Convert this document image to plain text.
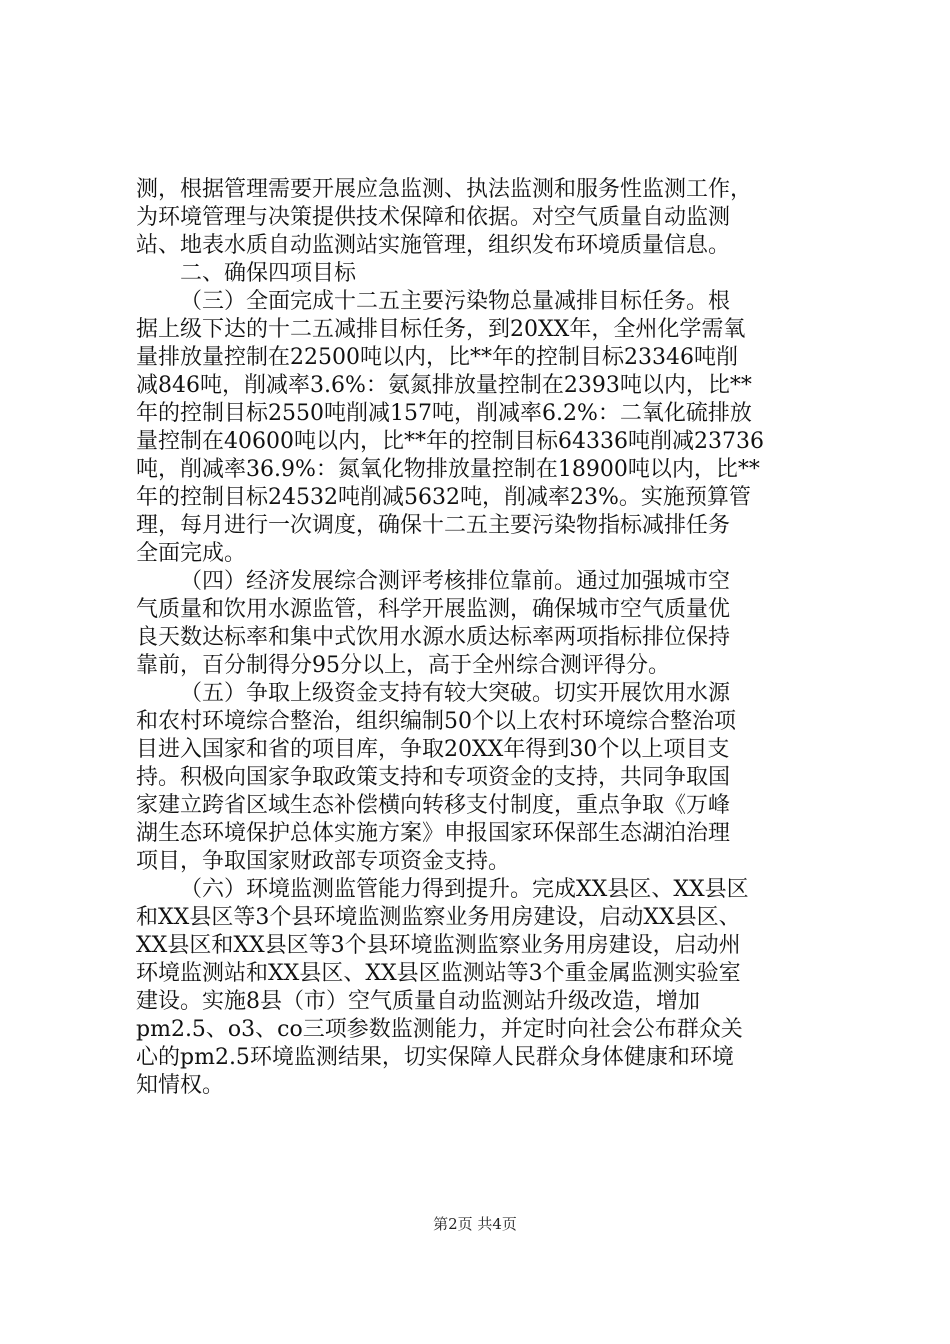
测，根据管理需要开展应急监测、执法监测和服务性监测工作，
为环境管理与决策提供技术保障和依据。对空气质量自动监测
站、地表水质自动监测站实施管理，组织发布环境质量信息。
二、确保四项目标
（三）全面完成十二五主要污染物总量减排目标任务。根
据上级下达的十二五减排目标任务，到20XX年，全州化学需氧
量排放量控制在22500吨以内，比**年的控制目标23346吨削
减846吨，削减率3.6%：氨氮排放量控制在2393吨以内，比**
年的控制目标2550吨削减157吨，削减率6.2%：二氧化硫排放
量控制在40600吨以内，比**年的控制目标64336吨削减23736
吨，削减率36.9%：氮氧化物排放量控制在18900吨以内，比**
年的控制目标24532吨削减5632吨，削减率23%。实施预算管
理，每月进行一次调度，确保十二五主要污染物指标减排任务
全面完成。
（四）经济发展综合测评考核排位靠前。通过加强城市空
气质量和饮用水源监管，科学开展监测，确保城市空气质量优
良天数达标率和集中式饮用水源水质达标率两项指标排位保持
靠前，百分制得分95分以上，高于全州综合测评得分。
（五）争取上级资金支持有较大突破。切实开展饮用水源
和农村环境综合整治，组织编制50个以上农村环境综合整治项
目进入国家和省的项目库，争取20XX年得到30个以上项目支
持。积极向国家争取政策支持和专项资金的支持，共同争取国
家建立跨省区域生态补偿横向转移支付制度，重点争取《万峰
湖生态环境保护总体实施方案》申报国家环保部生态湖泊治理
项目，争取国家财政部专项资金支持。
（六）环境监测监管能力得到提升。完成XX县区、XX县区
和XX县区等3个县环境监测监察业务用房建设，启动XX县区、
XX县区和XX县区等3个县环境监测监察业务用房建设，启动州
环境监测站和XX县区、XX县区监测站等3个重金属监测实验室
建设。实施8县（市）空气质量自动监测站升级改造，增加
pm2.5、o3、co三项参数监测能力，并定时向社会公布群众关
心的pm2.5环境监测结果，切实保障人民群众身体健康和环境
知情权。
第2页 共4页
